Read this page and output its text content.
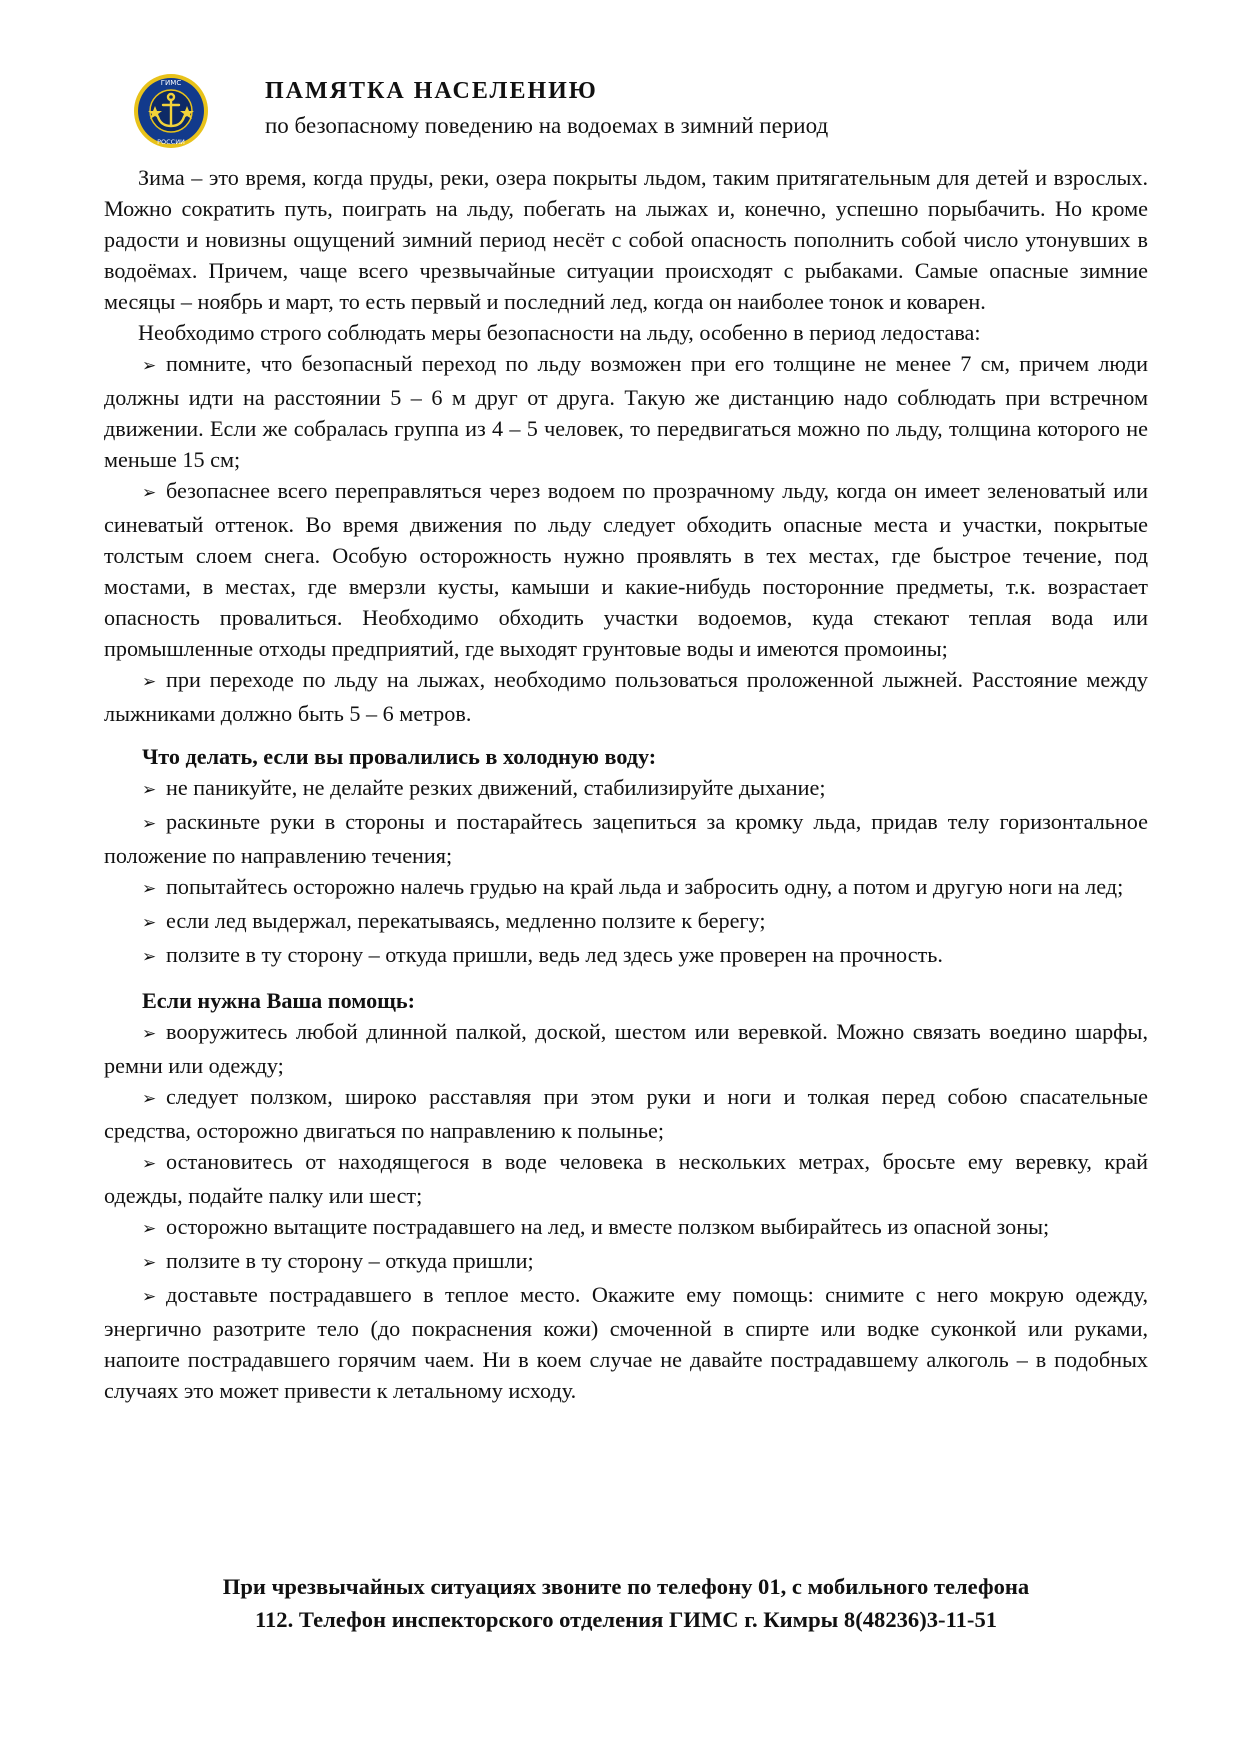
ГИМС
РОССИИ
ПАМЯТКА НАСЕЛЕНИЮ
по безопасному поведению на водоемах в зимний период

Зима – это время, когда пруды, реки, озера покрыты льдом, таким притягательным для детей и взрослых. Можно сократить путь, поиграть на льду, побегать на лыжах и, конечно, успешно порыбачить. Но кроме радости и новизны ощущений зимний период несёт с собой опасность пополнить собой число утонувших в водоёмах. Причем, чаще всего чрезвычайные ситуации происходят с рыбаками. Самые опасные зимние месяцы – ноябрь и март, то есть первый и последний лед, когда он наиболее тонок и коварен.

Необходимо строго соблюдать меры безопасности на льду, особенно в период ледостава:

➢ помните, что безопасный переход по льду возможен при его толщине не менее 7 см, причем люди должны идти на расстоянии 5 – 6 м друг от друга. Такую же дистанцию надо соблюдать при встречном движении. Если же собралась группа из 4 – 5 человек, то передвигаться можно по льду, толщина которого не меньше 15 см;

➢ безопаснее всего переправляться через водоем по прозрачному льду, когда он имеет зеленоватый или синеватый оттенок. Во время движения по льду следует обходить опасные места и участки, покрытые толстым слоем снега. Особую осторожность нужно проявлять в тех местах, где быстрое течение, под мостами, в местах, где вмерзли кусты, камыши и какие-нибудь посторонние предметы, т.к. возрастает опасность провалиться. Необходимо обходить участки водоемов, куда стекают теплая вода или промышленные отходы предприятий, где выходят грунтовые воды и имеются промоины;

➢ при переходе по льду на лыжах, необходимо пользоваться проложенной лыжней. Расстояние между лыжниками должно быть 5 – 6 метров.

Что делать, если вы провалились в холодную воду:

➢ не паникуйте, не делайте резких движений, стабилизируйте дыхание;

➢ раскиньте руки в стороны и постарайтесь зацепиться за кромку льда, придав телу горизонтальное положение по направлению течения;

➢ попытайтесь осторожно налечь грудью на край льда и забросить одну, а потом и другую ноги на лед;

➢ если лед выдержал, перекатываясь, медленно ползите к берегу;

➢ ползите в ту сторону – откуда пришли, ведь лед здесь уже проверен на прочность.

Если нужна Ваша помощь:

➢ вооружитесь любой длинной палкой, доской, шестом или веревкой. Можно связать воедино шарфы, ремни или одежду;

➢ следует ползком, широко расставляя при этом руки и ноги и толкая перед собою спасательные средства, осторожно двигаться по направлению к полынье;

➢ остановитесь от находящегося в воде человека в нескольких метрах, бросьте ему веревку, край одежды, подайте палку или шест;

➢ осторожно вытащите пострадавшего на лед, и вместе ползком выбирайтесь из опасной зоны;

➢ ползите в ту сторону – откуда пришли;

➢ доставьте пострадавшего в теплое место. Окажите ему помощь: снимите с него мокрую одежду, энергично разотрите тело (до покраснения кожи) смоченной в спирте или водке суконкой или руками, напоите пострадавшего горячим чаем. Ни в коем случае не давайте пострадавшему алкоголь – в подобных случаях это может привести к летальному исходу.

При чрезвычайных ситуациях звоните по телефону 01, с мобильного телефона
112. Телефон инспекторского отделения ГИМС г. Кимры 8(48236)3-11-51
